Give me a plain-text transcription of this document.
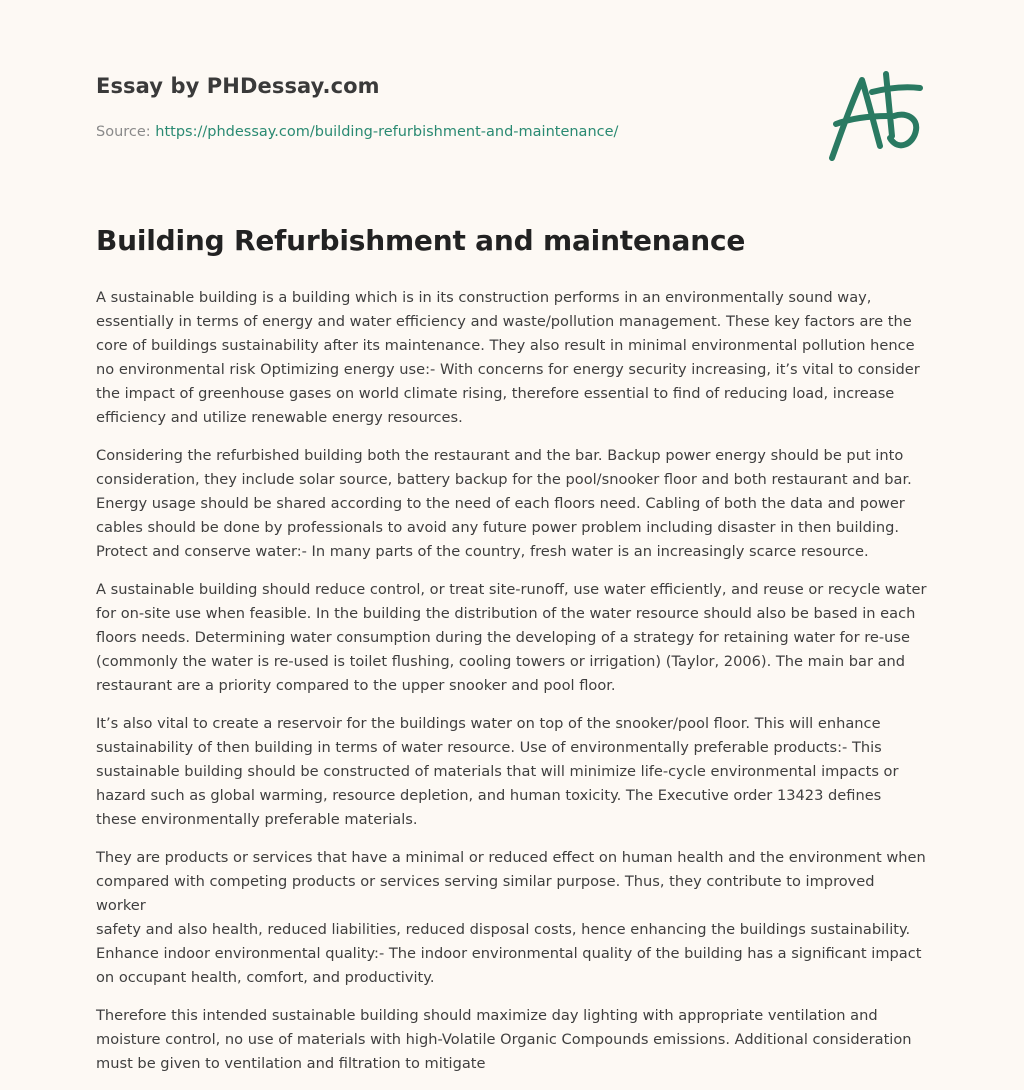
Essay by PHDessay.com
Source: https://phdessay.com/building-refurbishment-and-maintenance/
Building Refurbishment and maintenance

A sustainable building is a building which is in its construction performs in an environmentally sound way,
essentially in terms of energy and water efficiency and waste/pollution management. These key factors are the
core of buildings sustainability after its maintenance. They also result in minimal environmental pollution hence
no environmental risk Optimizing energy use:- With concerns for energy security increasing, it’s vital to consider
the impact of greenhouse gases on world climate rising, therefore essential to find of reducing load, increase
efficiency and utilize renewable energy resources.

Considering the refurbished building both the restaurant and the bar. Backup power energy should be put into
consideration, they include solar source, battery backup for the pool/snooker floor and both restaurant and bar.
Energy usage should be shared according to the need of each floors need. Cabling of both the data and power
cables should be done by professionals to avoid any future power problem including disaster in then building.
Protect and conserve water:- In many parts of the country, fresh water is an increasingly scarce resource.

A sustainable building should reduce control, or treat site-runoff, use water efficiently, and reuse or recycle water
for on-site use when feasible. In the building the distribution of the water resource should also be based in each
floors needs. Determining water consumption during the developing of a strategy for retaining water for re-use
(commonly the water is re-used is toilet flushing, cooling towers or irrigation) (Taylor, 2006). The main bar and
restaurant are a priority compared to the upper snooker and pool floor.

It’s also vital to create a reservoir for the buildings water on top of the snooker/pool floor. This will enhance
sustainability of then building in terms of water resource. Use of environmentally preferable products:- This
sustainable building should be constructed of materials that will minimize life-cycle environmental impacts or
hazard such as global warming, resource depletion, and human toxicity. The Executive order 13423 defines
these environmentally preferable materials.

They are products or services that have a minimal or reduced effect on human health and the environment when
compared with competing products or services serving similar purpose. Thus, they contribute to improved worker
safety and also health, reduced liabilities, reduced disposal costs, hence enhancing the buildings sustainability.
Enhance indoor environmental quality:- The indoor environmental quality of the building has a significant impact
on occupant health, comfort, and productivity.

Therefore this intended sustainable building should maximize day lighting with appropriate ventilation and
moisture control, no use of materials with high-Volatile Organic Compounds emissions. Additional consideration
must be given to ventilation and filtration to mitigate
